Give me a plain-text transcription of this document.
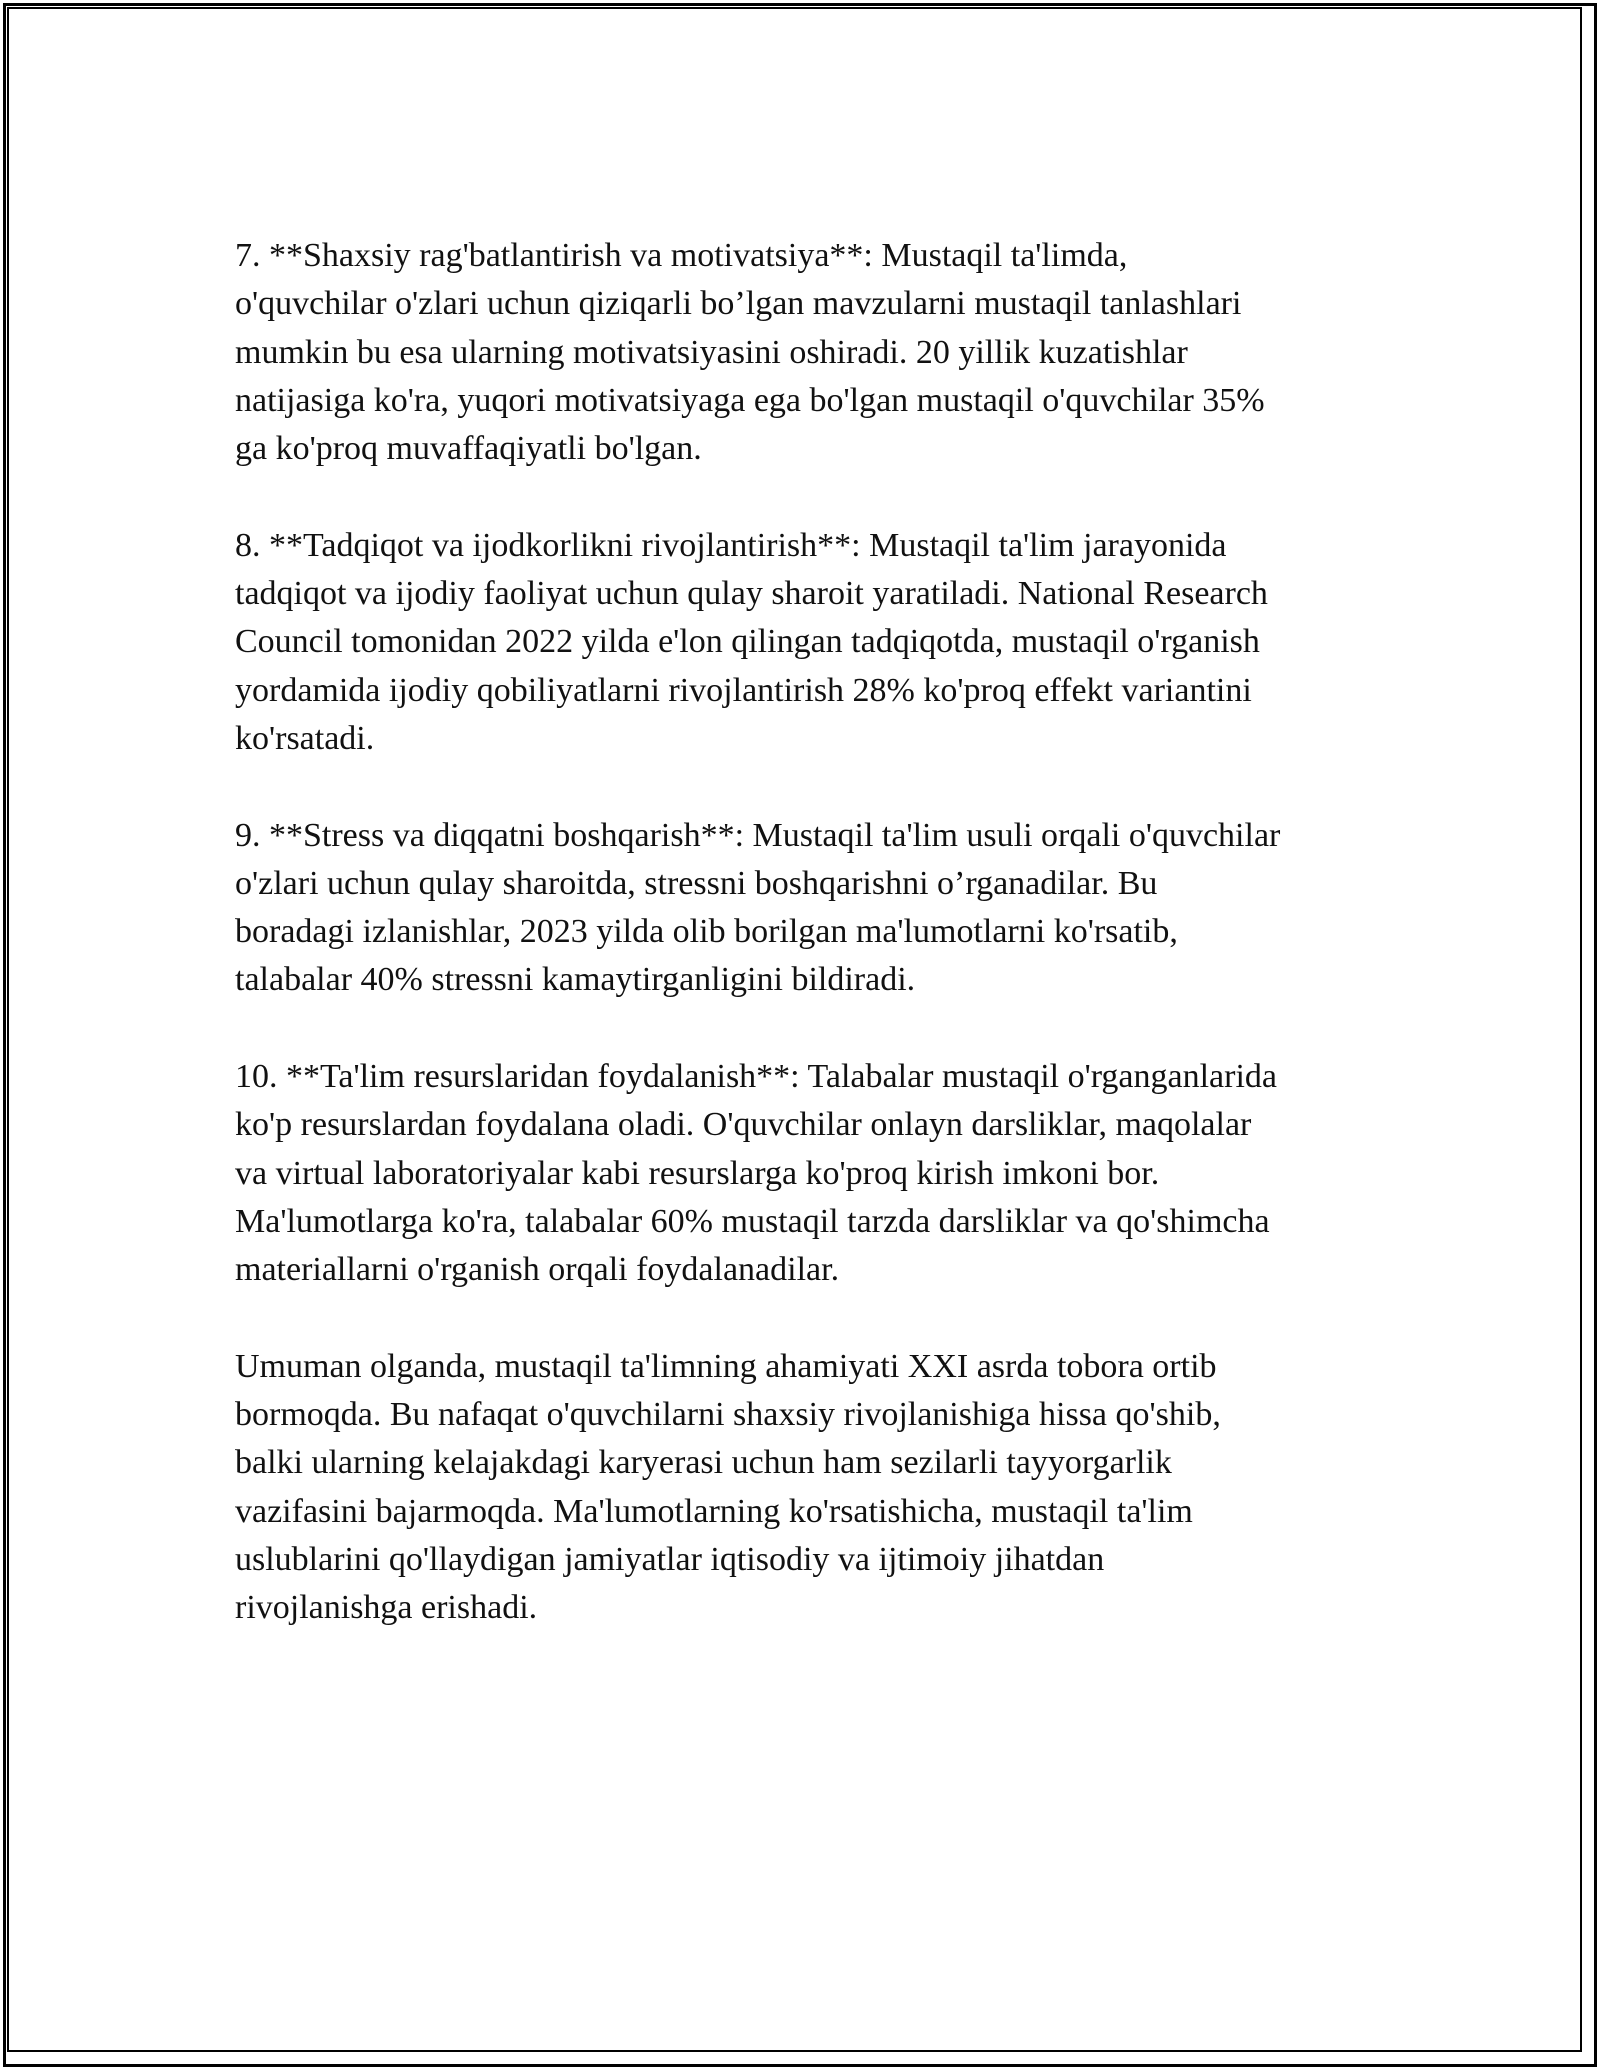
7. **Shaxsiy rag'batlantirish va motivatsiya**: Mustaqil ta'limda,
o'quvchilar o'zlari uchun qiziqarli bo’lgan mavzularni mustaqil tanlashlari
mumkin bu esa ularning motivatsiyasini oshiradi. 20 yillik kuzatishlar
natijasiga ko'ra, yuqori motivatsiyaga ega bo'lgan mustaqil o'quvchilar 35%
ga ko'proq muvaffaqiyatli bo'lgan.

8. **Tadqiqot va ijodkorlikni rivojlantirish**: Mustaqil ta'lim jarayonida
tadqiqot va ijodiy faoliyat uchun qulay sharoit yaratiladi. National Research
Council tomonidan 2022 yilda e'lon qilingan tadqiqotda, mustaqil o'rganish
yordamida ijodiy qobiliyatlarni rivojlantirish 28% ko'proq effekt variantini
ko'rsatadi.

9. **Stress va diqqatni boshqarish**: Mustaqil ta'lim usuli orqali o'quvchilar
o'zlari uchun qulay sharoitda, stressni boshqarishni o’rganadilar. Bu
boradagi izlanishlar, 2023 yilda olib borilgan ma'lumotlarni ko'rsatib,
talabalar 40% stressni kamaytirganligini bildiradi.

10. **Ta'lim resurslaridan foydalanish**: Talabalar mustaqil o'rganganlarida
ko'p resurslardan foydalana oladi. O'quvchilar onlayn darsliklar, maqolalar
va virtual laboratoriyalar kabi resurslarga ko'proq kirish imkoni bor.
Ma'lumotlarga ko'ra, talabalar 60% mustaqil tarzda darsliklar va qo'shimcha
materiallarni o'rganish orqali foydalanadilar.

Umuman olganda, mustaqil ta'limning ahamiyati XXI asrda tobora ortib
bormoqda. Bu nafaqat o'quvchilarni shaxsiy rivojlanishiga hissa qo'shib,
balki ularning kelajakdagi karyerasi uchun ham sezilarli tayyorgarlik
vazifasini bajarmoqda. Ma'lumotlarning ko'rsatishicha, mustaqil ta'lim
uslublarini qo'llaydigan jamiyatlar iqtisodiy va ijtimoiy jihatdan
rivojlanishga erishadi.
